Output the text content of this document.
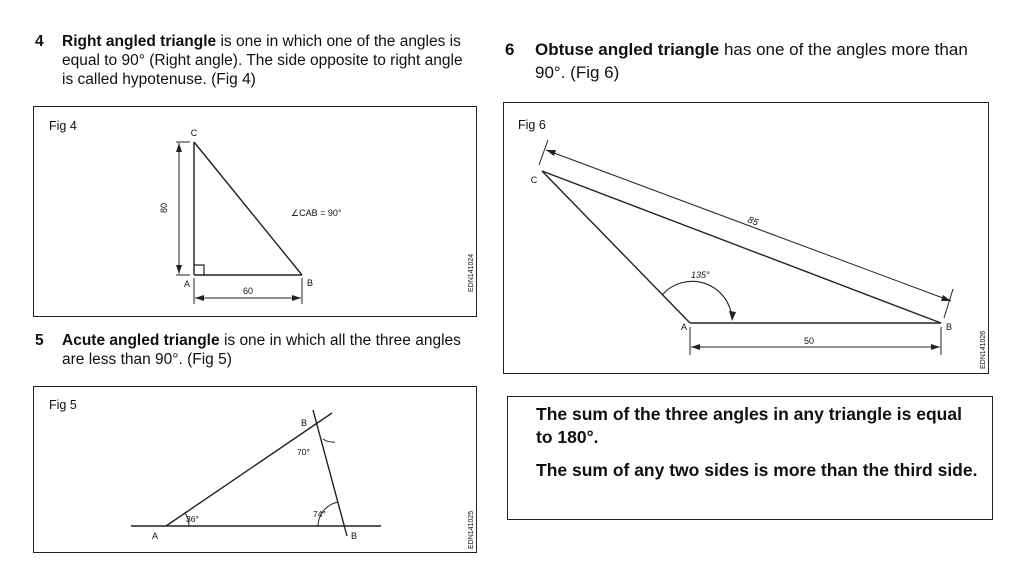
4 Right angled triangle is one in which one of the angles is equal to 90° (Right angle). The side opposite to right angle is called hypotenuse. (Fig 4)
Fig 4
80
60
C
A	B
∠CAB = 90°
EDN141024
5 Acute angled triangle is one in which all the three angles are less than 90°. (Fig 5)
Fig 5
A
B
B
36°
70°
74°	EDN141025
6 Obtuse angled triangle has one of the angles more than 90°. (Fig 6)
Fig 6
85
50
135°
C
A	B
EDN141026

The sum of the three angles in any triangle is equal to 180°.

The sum of any two sides is more than the third side.
